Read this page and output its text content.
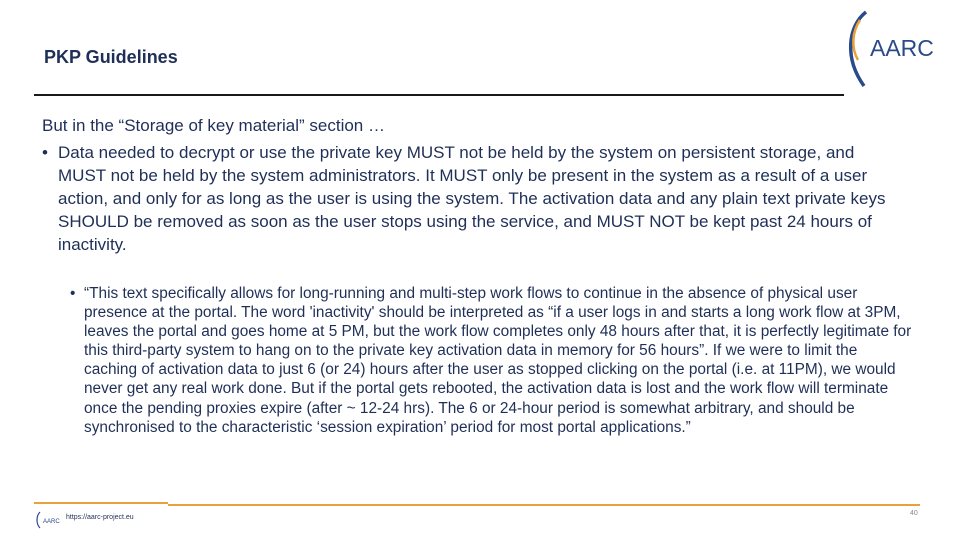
PKP Guidelines	AARC
But in the “Storage of key material” section …
• Data needed to decrypt or use the private key MUST not be held by the system on persistent storage, and MUST not be held by the system administrators. It MUST only be present in the system as a result of a user action, and only for as long as the user is using the system. The activation data and any plain text private keys SHOULD be removed as soon as the user stops using the service, and MUST NOT be kept past 24 hours of inactivity.
• “This text specifically allows for long-running and multi-step work flows to continue in the absence of physical user presence at the portal. The word 'inactivity' should be interpreted as “if a user logs in and starts a long work flow at 3PM, leaves the portal and goes home at 5 PM, but the work flow completes only 48 hours after that, it is perfectly legitimate for this third-party system to hang on to the private key activation data in memory for 56 hours”. If we were to limit the caching of activation data to just 6 (or 24) hours after the user as stopped clicking on the portal (i.e. at 11PM), we would never get any real work done. But if the portal gets rebooted, the activation data is lost and the work flow will terminate once the pending proxies expire (after ~ 12-24 hrs). The 6 or 24-hour period is somewhat arbitrary, and should be synchronised to the characteristic ‘session expiration’ period for most portal applications.”
AARC
https://aarc-project.eu
40
